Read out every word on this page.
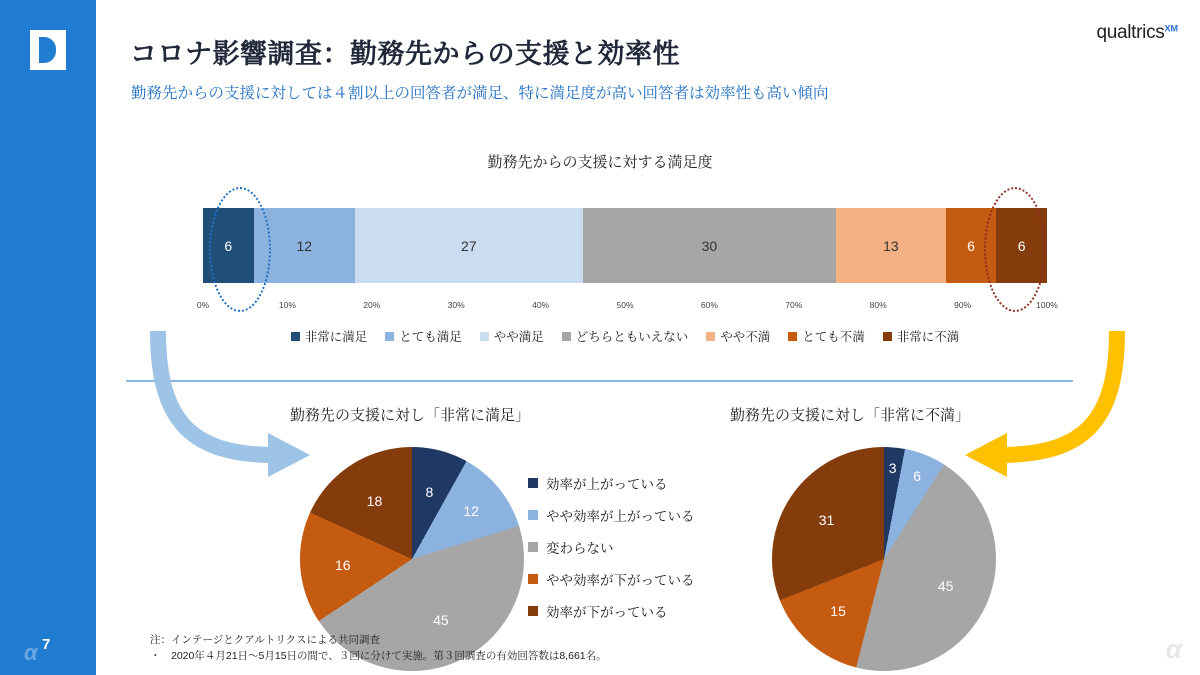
7
コロナ影響調査：勤務先からの支援と効率性
勤務先からの支援に対しては４割以上の回答者が満足、特に満足度が高い回答者は効率性も高い傾向
qualtrics$^{XM}$
勤務先からの支援に対する満足度
6	12	27	30	13	6	6
0%	10%	20%	30%	40%	50%	60%	70%	80%	90%	100%
非常に満足	とても満足	やや満足	どちらともいえない	やや不満	とても不満	非常に不満
勤務先の支援に対し「非常に満足」	勤務先の支援に対し「非常に不満」
8
12
45
16
18
3
6
45
15
31
効率が上がっている
やや効率が上がっている
変わらない
やや効率が下がっている
効率が下がっている
注：インテージとクアルトリクスによる共同調査
・　2020年４月21日〜5月15日の間で、３回に分けて実施。第３回調査の有効回答数は8,661名。	α
α
